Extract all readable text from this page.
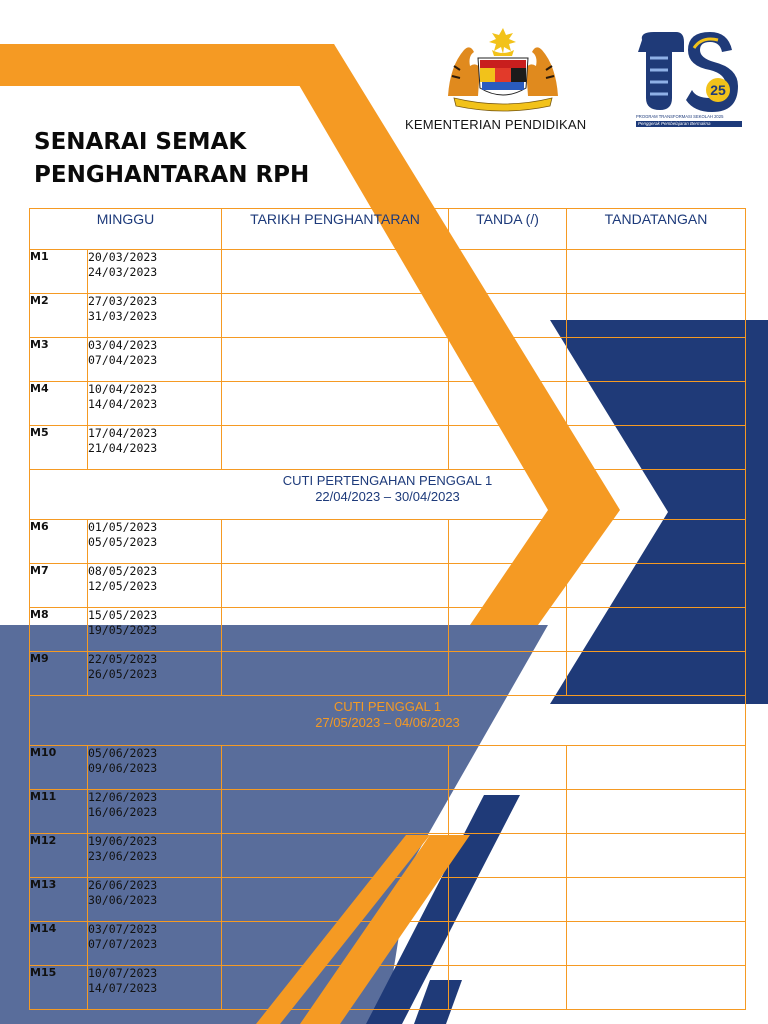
KEMENTERIAN PENDIDIKAN
25
PROGRAM TRANSFORMASI SEKOLAH 2025
Penggerak Pembelajaran Bermakna
SENARAI SEMAK
PENGHANTARAN RPH
MINGGU		TARIKH PENGHANTARAN	TANDA (/)	TANDATANGAN
M1	20/03/2023
24/03/2023			

M2	27/03/2023
31/03/2023			

M3	03/04/2023
07/04/2023			

M4	10/04/2023
14/04/2023			

M5	17/04/2023
21/04/2023			

CUTI PERTENGAHAN PENGGAL 1
22/04/2023 – 30/04/2023				

M6	01/05/2023
05/05/2023			

M7	08/05/2023
12/05/2023			

M8	15/05/2023
19/05/2023			

M9	22/05/2023
26/05/2023			

CUTI PENGGAL 1
27/05/2023 – 04/06/2023				

M10	05/06/2023
09/06/2023			

M11	12/06/2023
16/06/2023			

M12	19/06/2023
23/06/2023			

M13	26/06/2023
30/06/2023			

M14	03/07/2023
07/07/2023			

M15	10/07/2023
14/07/2023			
